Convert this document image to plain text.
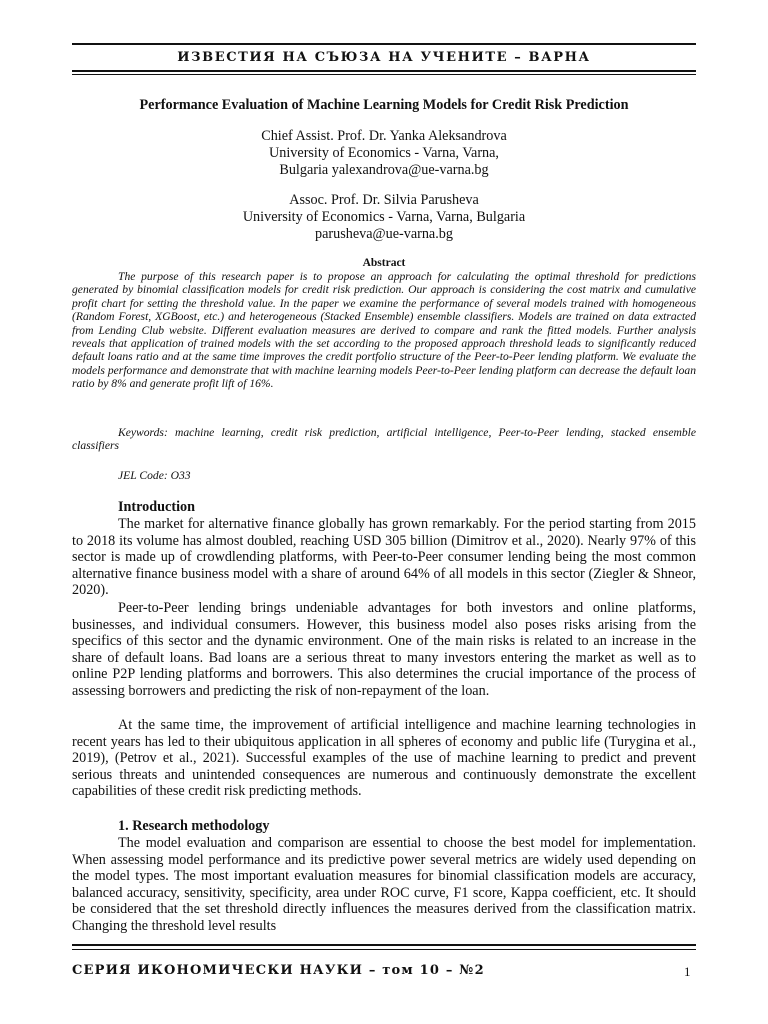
ИЗВЕСТИЯ НА СЪЮЗА НА УЧЕНИТЕ – ВАРНА
Performance Evaluation of Machine Learning Models for Credit Risk Prediction
Chief Assist. Prof. Dr. Yanka Aleksandrova
University of Economics - Varna, Varna,
Bulgaria yalexandrova@ue-varna.bg
Assoc. Prof. Dr. Silvia Parusheva
University of Economics - Varna, Varna, Bulgaria
parusheva@ue-varna.bg
Abstract

The purpose of this research paper is to propose an approach for calculating the optimal threshold for predictions generated by binomial classification models for credit risk prediction. Our approach is considering the cost matrix and cumulative profit chart for setting the threshold value. In the paper we examine the performance of several models trained with homogeneous (Random Forest, XGBoost, etc.) and heterogeneous (Stacked Ensemble) ensemble classifiers. Models are trained on data extracted from Lending Club website. Different evaluation measures are derived to compare and rank the fitted models. Further analysis reveals that application of trained models with the set according to the proposed approach threshold leads to significantly reduced default loans ratio and at the same time improves the credit portfolio structure of the Peer-to-Peer lending platform. We evaluate the models performance and demonstrate that with machine learning models Peer-to-Peer lending platform can decrease the default loan ratio by 8% and generate profit lift of 16%.

Keywords: machine learning, credit risk prediction, artificial intelligence, Peer-to-Peer lending, stacked ensemble classifiers

JEL Code: O33

Introduction

The market for alternative finance globally has grown remarkably. For the period starting from 2015 to 2018 its volume has almost doubled, reaching USD 305 billion (Dimitrov et al., 2020). Nearly 97% of this sector is made up of crowdlending platforms, with Peer-to-Peer consumer lending being the most common alternative finance business model with a share of around 64% of all models in this sector (Ziegler & Shneor, 2020).

Peer-to-Peer lending brings undeniable advantages for both investors and online platforms, businesses, and individual consumers. However, this business model also poses risks arising from the specifics of this sector and the dynamic environment. One of the main risks is related to an increase in the share of default loans. Bad loans are a serious threat to many investors entering the market as well as to online P2P lending platforms and borrowers. This also determines the crucial importance of the process of assessing borrowers and predicting the risk of non-repayment of the loan.

At the same time, the improvement of artificial intelligence and machine learning technologies in recent years has led to their ubiquitous application in all spheres of economy and public life (Turygina et al., 2019), (Petrov et al., 2021). Successful examples of the use of machine learning to predict and prevent serious threats and unintended consequences are numerous and continuously demonstrate the excellent capabilities of these credit risk predicting methods.

1. Research methodology

The model evaluation and comparison are essential to choose the best model for implementation. When assessing model performance and its predictive power several metrics are widely used depending on the model types. The most important evaluation measures for binomial classification models are accuracy, balanced accuracy, sensitivity, specificity, area under ROC curve, F1 score, Kappa coefficient, etc. It should be considered that the set threshold directly influences the measures derived from the classification matrix. Changing the threshold level results

СЕРИЯ ИКОНОМИЧЕСКИ НАУКИ – том 10 – №2	1
